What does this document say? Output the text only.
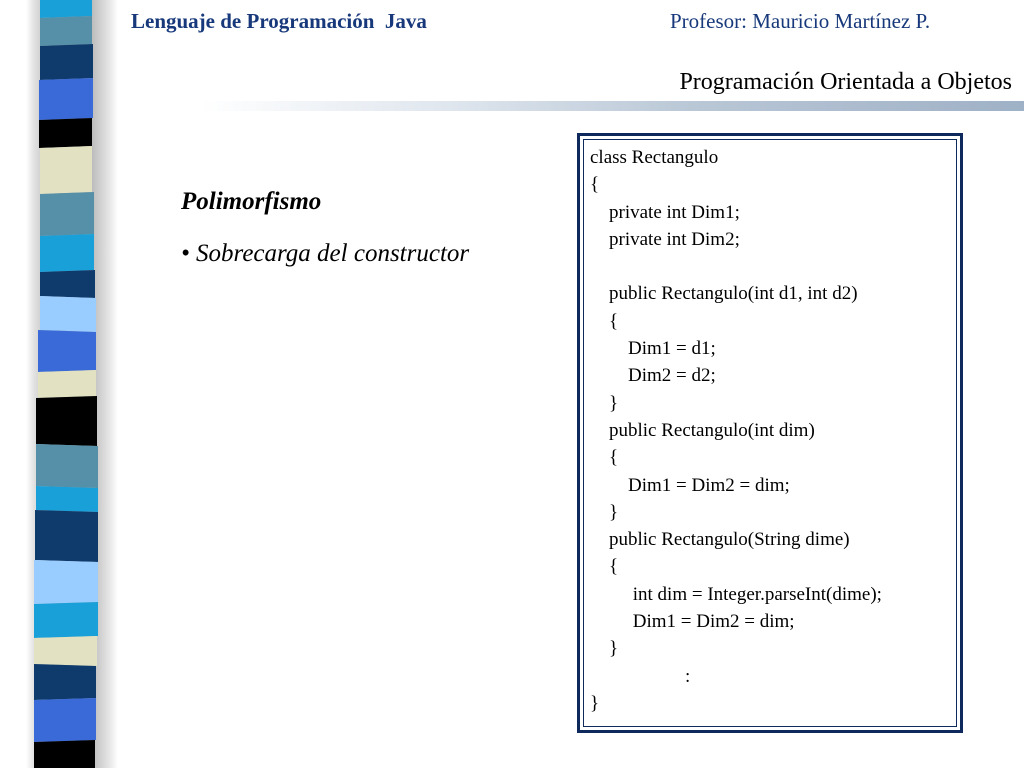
Lenguaje de Programación  Java	Profesor: Mauricio Martínez P.
Programación Orientada a Objetos
Polimorfismo
• Sobrecarga del constructor
class Rectangulo
{
private int Dim1;
private int Dim2;
public Rectangulo(int d1, int d2)
{
Dim1 = d1;
Dim2 = d2;
}
public Rectangulo(int dim)
{
Dim1 = Dim2 = dim;
}
public Rectangulo(String dime)
{
int dim = Integer.parseInt(dime);
Dim1 = Dim2 = dim;
}
:
}
